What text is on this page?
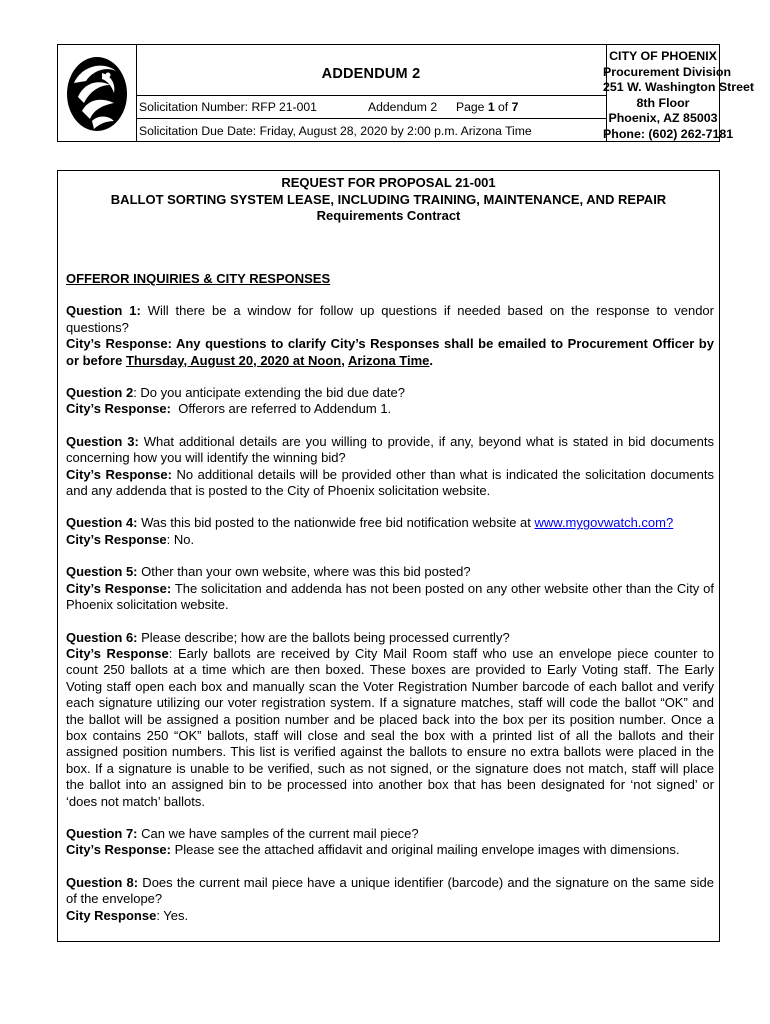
ADDENDUM 2
Solicitation Number: RFP 21-001	Addendum 2 Page 1 of 7
Solicitation Due Date: Friday, August 28, 2020 by 2:00 p.m. Arizona Time
CITY OF PHOENIX
Procurement Division
251 W. Washington Street
8th Floor
Phoenix, AZ 85003
Phone: (602) 262-7181
REQUEST FOR PROPOSAL 21-001
BALLOT SORTING SYSTEM LEASE, INCLUDING TRAINING, MAINTENANCE, AND REPAIR
Requirements Contract

OFFEROR INQUIRIES & CITY RESPONSES

Question 1: Will there be a window for follow up questions if needed based on the response to vendor questions?
City’s Response: Any questions to clarify City’s Responses shall be emailed to Procurement Officer by or before Thursday, August 20, 2020 at Noon, Arizona Time.

Question 2: Do you anticipate extending the bid due date?
City’s Response:  Offerors are referred to Addendum 1.

Question 3: What additional details are you willing to provide, if any, beyond what is stated in bid documents concerning how you will identify the winning bid?
City’s Response: No additional details will be provided other than what is indicated the solicitation documents and any addenda that is posted to the City of Phoenix solicitation website.

Question 4: Was this bid posted to the nationwide free bid notification website at www.mygovwatch.com?
City’s Response: No.

Question 5: Other than your own website, where was this bid posted?
City’s Response: The solicitation and addenda has not been posted on any other website other than the City of Phoenix solicitation website.

Question 6: Please describe; how are the ballots being processed currently?
City’s Response: Early ballots are received by City Mail Room staff who use an envelope piece counter to count 250 ballots at a time which are then boxed. These boxes are provided to Early Voting staff. The Early Voting staff open each box and manually scan the Voter Registration Number barcode of each ballot and verify each signature utilizing our voter registration system. If a signature matches, staff will code the ballot “OK” and the ballot will be assigned a position number and be placed back into the box per its position number. Once a box contains 250 “OK” ballots, staff will close and seal the box with a printed list of all the ballots and their assigned position numbers. This list is verified against the ballots to ensure no extra ballots were placed in the box. If a signature is unable to be verified, such as not signed, or the signature does not match, staff will place the ballot into an assigned bin to be processed into another box that has been designated for ‘not signed’ or ‘does not match’ ballots.

Question 7: Can we have samples of the current mail piece?
City’s Response: Please see the attached affidavit and original mailing envelope images with dimensions.

Question 8: Does the current mail piece have a unique identifier (barcode) and the signature on the same side of the envelope?
City Response: Yes.
